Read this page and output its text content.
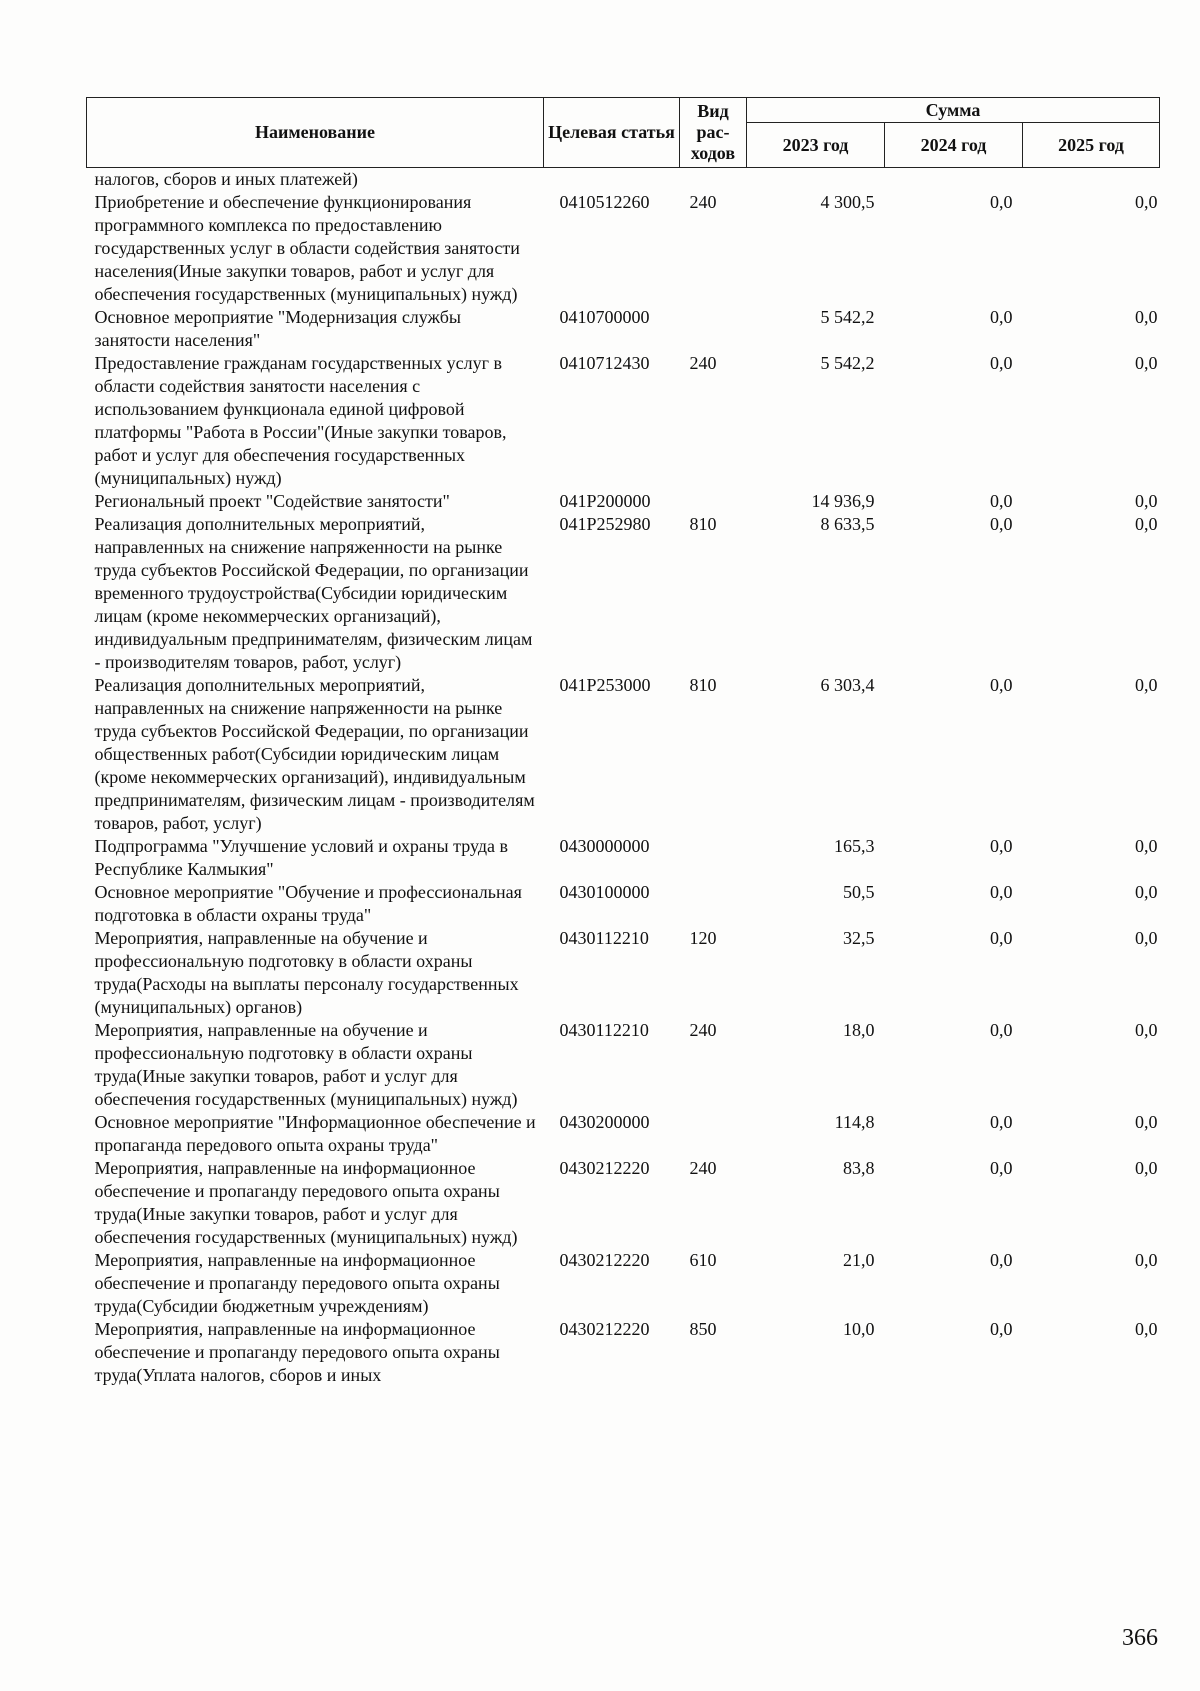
Наименование	Целевая статья	Вид рас-ходов	Сумма		
			2023 год	2024 год	2025 год
налогов, сборов и иных платежей)					
Приобретение и обеспечение функционирования программного комплекса по предоставлению государственных услуг в области содействия занятости населения(Иные закупки товаров, работ и услуг для обеспечения государственных (муниципальных) нужд)	0410512260	240	4 300,5	0,0	0,0
Основное мероприятие "Модернизация службы занятости населения"	0410700000		5 542,2	0,0	0,0
Предоставление гражданам государственных услуг в области содействия занятости населения с использованием функционала единой цифровой платформы "Работа в России"(Иные закупки товаров, работ и услуг для обеспечения государственных (муниципальных) нужд)	0410712430	240	5 542,2	0,0	0,0
Региональный проект "Содействие занятости"	041P200000		14 936,9	0,0	0,0
Реализация дополнительных мероприятий, направленных на снижение напряженности на рынке труда субъектов Российской Федерации, по организации временного трудоустройства(Субсидии юридическим лицам (кроме некоммерческих организаций), индивидуальным предпринимателям, физическим лицам - производителям товаров, работ, услуг)	041P252980	810	8 633,5	0,0	0,0
Реализация дополнительных мероприятий, направленных на снижение напряженности на рынке труда субъектов Российской Федерации, по организации общественных работ(Субсидии юридическим лицам (кроме некоммерческих организаций), индивидуальным предпринимателям, физическим лицам - производителям товаров, работ, услуг)	041P253000	810	6 303,4	0,0	0,0
Подпрограмма "Улучшение условий и охраны труда в Республике Калмыкия"	0430000000		165,3	0,0	0,0
Основное мероприятие "Обучение и профессиональная подготовка в области охраны труда"	0430100000		50,5	0,0	0,0
Мероприятия, направленные на обучение и профессиональную подготовку в области охраны труда(Расходы на выплаты персоналу государственных (муниципальных) органов)	0430112210	120	32,5	0,0	0,0
Мероприятия, направленные на обучение и профессиональную подготовку в области охраны труда(Иные закупки товаров, работ и услуг для обеспечения государственных (муниципальных) нужд)	0430112210	240	18,0	0,0	0,0
Основное мероприятие "Информационное обеспечение и пропаганда передового опыта охраны труда"	0430200000		114,8	0,0	0,0
Мероприятия, направленные на информационное обеспечение и пропаганду передового опыта охраны труда(Иные закупки товаров, работ и услуг для обеспечения государственных (муниципальных) нужд)	0430212220	240	83,8	0,0	0,0
Мероприятия, направленные на информационное обеспечение и пропаганду передового опыта охраны труда(Субсидии бюджетным учреждениям)	0430212220	610	21,0	0,0	0,0
Мероприятия, направленные на информационное обеспечение и пропаганду передового опыта охраны труда(Уплата налогов, сборов и иных	0430212220	850	10,0	0,0	0,0
366
